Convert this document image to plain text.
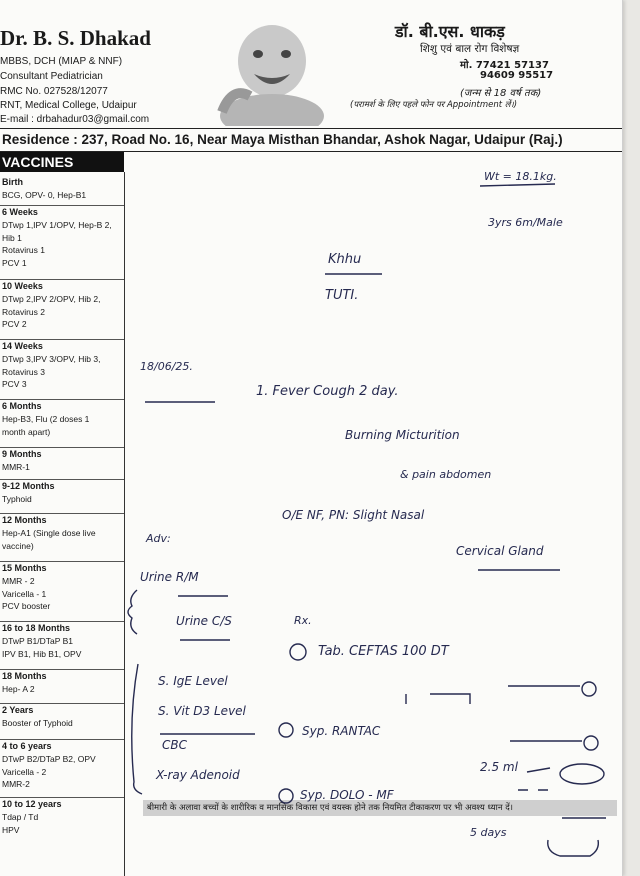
Dr. B. S. Dhakad
MBBS, DCH (MIAP & NNF)
Consultant Pediatrician
RMC No. 027528/12077
RNT, Medical College, Udaipur
E-mail : drbahadur03@gmail.com
डॉ. बी.एस. धाकड़
शिशु एवं बाल रोग विशेषज्ञ
मो. 77421 57137
94609 95517
(जन्म से 18 वर्ष तक)
(परामर्श के लिए पहले फोन पर Appointment लें।)
Residence : 237, Road No. 16, Near Maya Misthan Bhandar, Ashok Nagar, Udaipur (Raj.)
VACCINES
Birth
BCG, OPV- 0, Hep-B1
6 Weeks
DTwp 1,IPV 1/OPV, Hep-B 2,
Hib 1
Rotavirus 1
PCV 1
10 Weeks
DTwp 2,IPV 2/OPV, Hib 2,
Rotavirus 2
PCV 2
14 Weeks
DTwp 3,IPV 3/OPV, Hib 3,
Rotavirus 3
PCV 3
6 Months
Hep-B3, Flu (2 doses 1
month apart)
9 Months
MMR-1
9-12 Months
Typhoid
12 Months
Hep-A1 (Single dose live
vaccine)
15 Months
MMR - 2
Varicella - 1
PCV booster
16 to 18 Months
DTwP B1/DTaP B1
IPV B1, Hib B1, OPV
18 Months
Hep- A 2
2 Years
Booster of Typhoid
4 to 6 years
DTwP B2/DTaP B2, OPV
Varicella - 2
MMR-2
10 to 12 years
Tdap / Td
HPV
बीमारी के अलावा बच्चों के शारीरिक व मानसिक विकास एवं वयस्क होने तक नियमित टीकाकरण पर भी अवश्य ध्यान दें।
Wt = 18.1kg.
3yrs 6m/Male
Khhu
TUTI.
18/06/25.
1. Fever Cough 2 day.
Burning Micturition
& pain abdomen
O/E NF, PN: Slight Nasal
Cervical Gland
Adv:
Urine R/M
Urine C/S
S. IgE Level
S. Vit D3 Level
CBC
X-ray Adenoid
Rx.
Tab. CEFTAS 100 DT
Syp. RANTAC
Syp. DOLO - MF
2.5 ml
5 days
